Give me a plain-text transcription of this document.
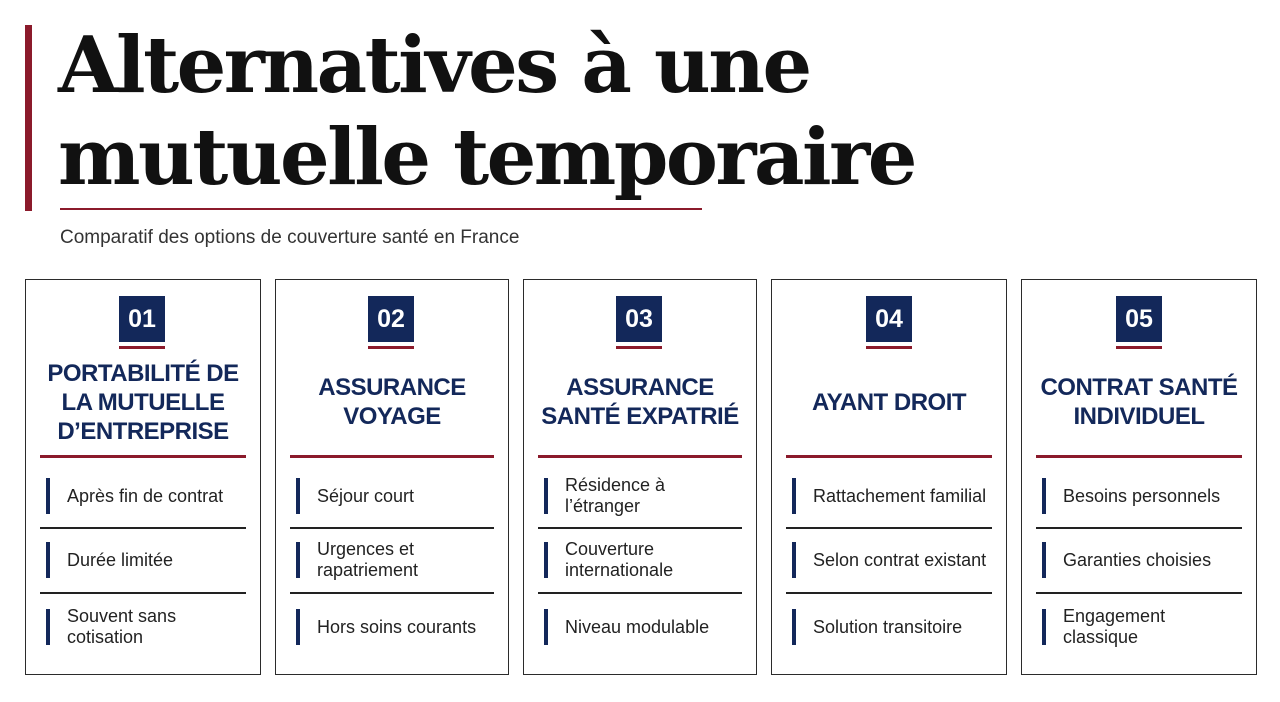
Alternatives à une
mutuelle temporaire
Comparatif des options de couverture santé en France
01
PORTABILITÉ DE LA MUTUELLE D’ENTREPRISE
Après fin de contrat
Durée limitée
Souvent sans cotisation
02
ASSURANCE VOYAGE
Séjour court
Urgences et rapatriement
Hors soins courants
03
ASSURANCE SANTÉ EXPATRIÉ
Résidence à l’étranger
Couverture internationale
Niveau modulable
04
AYANT DROIT
Rattachement familial
Selon contrat existant
Solution transitoire
05
CONTRAT SANTÉ INDIVIDUEL
Besoins personnels
Garanties choisies
Engagement classique
